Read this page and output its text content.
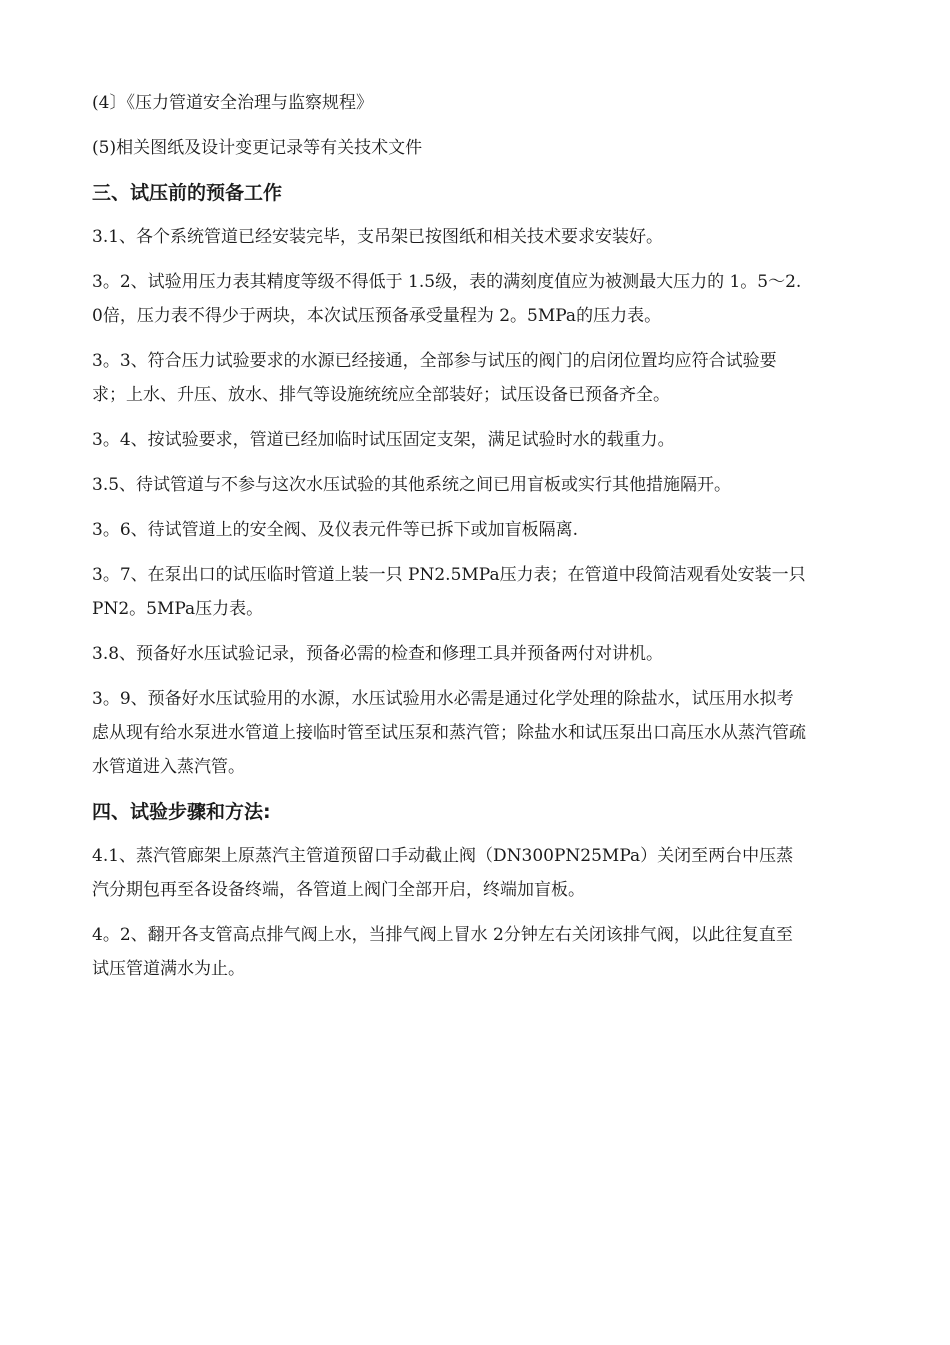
(4〕《压力管道安全治理与监察规程》

(5)相关图纸及设计变更记录等有关技术文件

三、试压前的预备工作

3.1、各个系统管道已经安装完毕，支吊架已按图纸和相关技术要求安装好。

3。2、试验用压力表其精度等级不得低于 1.5级，表的满刻度值应为被测最大压力的 1。5～2.0倍，压力表不得少于两块，本次试压预备承受量程为 2。5MPa的压力表。

3。3、符合压力试验要求的水源已经接通，全部参与试压的阀门的启闭位置均应符合试验要求；上水、升压、放水、排气等设施统统应全部装好；试压设备已预备齐全。

3。4、按试验要求，管道已经加临时试压固定支架，满足试验时水的载重力。

3.5、待试管道与不参与这次水压试验的其他系统之间已用盲板或实行其他措施隔开。

3。6、待试管道上的安全阀、及仪表元件等已拆下或加盲板隔离.

3。7、在泵出口的试压临时管道上装一只 PN2.5MPa压力表；在管道中段简洁观看处安装一只 PN2。5MPa压力表。

3.8、预备好水压试验记录，预备必需的检查和修理工具并预备两付对讲机。

3。9、预备好水压试验用的水源，水压试验用水必需是通过化学处理的除盐水，试压用水拟考虑从现有给水泵进水管道上接临时管至试压泵和蒸汽管；除盐水和试压泵出口高压水从蒸汽管疏水管道进入蒸汽管。

四、试验步骤和方法:

4.1、蒸汽管廊架上原蒸汽主管道预留口手动截止阀（DN300PN25MPa）关闭至两台中压蒸汽分期包再至各设备终端，各管道上阀门全部开启，终端加盲板。

4。2、翻开各支管高点排气阀上水，当排气阀上冒水 2分钟左右关闭该排气阀，以此往复直至试压管道满水为止。
